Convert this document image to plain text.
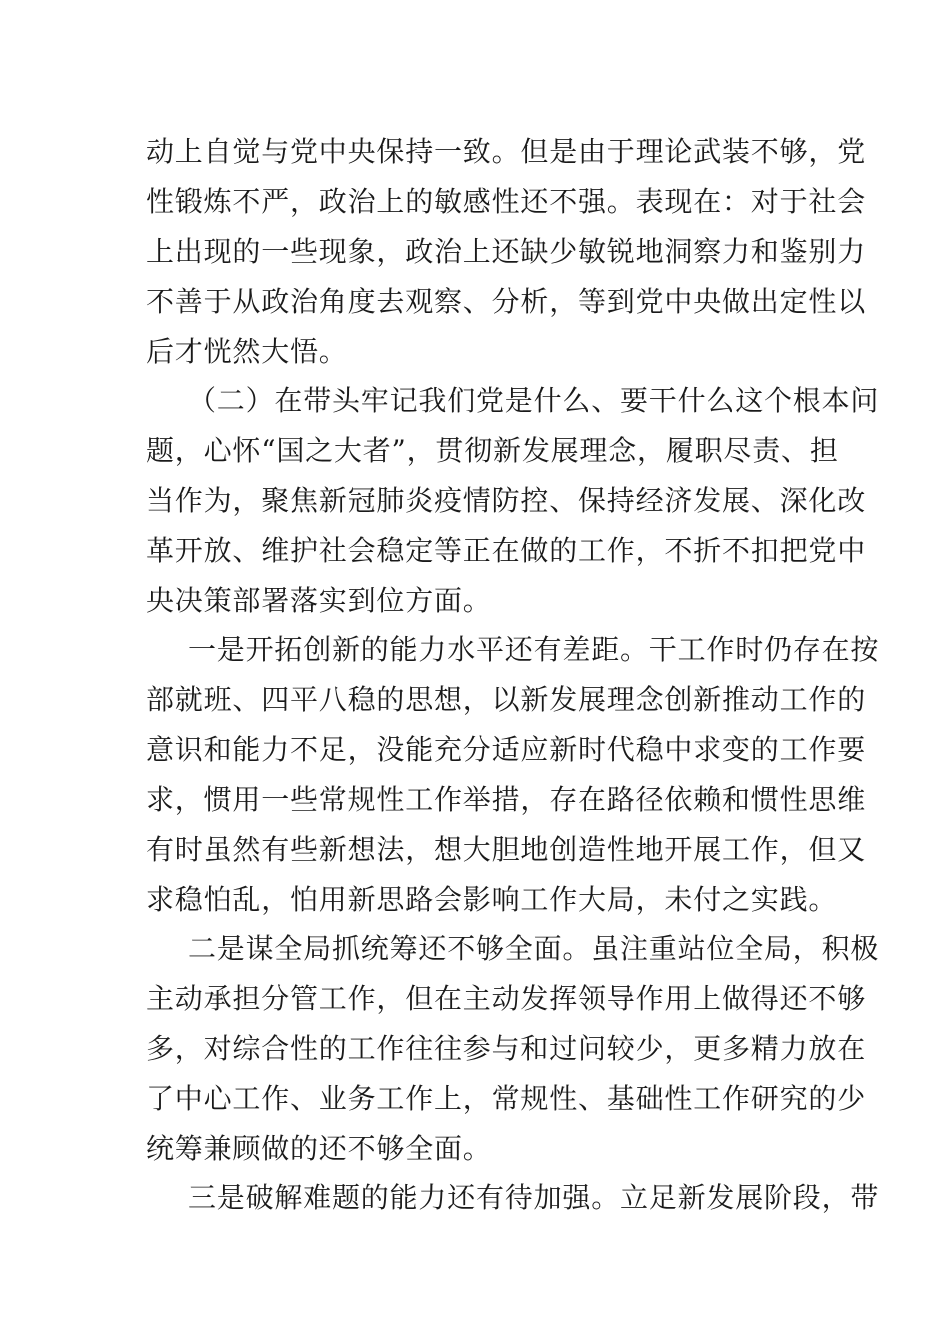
动上自觉与党中央保持一致。但是由于理论武装不够，党
性锻炼不严，政治上的敏感性还不强。表现在：对于社会
上出现的一些现象，政治上还缺少敏锐地洞察力和鉴别力
不善于从政治角度去观察、分析，等到党中央做出定性以
后才恍然大悟。
（二）在带头牢记我们党是什么、要干什么这个根本问
题，心怀“国之大者”，贯彻新发展理念，履职尽责、担
当作为，聚焦新冠肺炎疫情防控、保持经济发展、深化改
革开放、维护社会稳定等正在做的工作，不折不扣把党中
央决策部署落实到位方面。
一是开拓创新的能力水平还有差距。干工作时仍存在按
部就班、四平八稳的思想，以新发展理念创新推动工作的
意识和能力不足，没能充分适应新时代稳中求变的工作要
求，惯用一些常规性工作举措，存在路径依赖和惯性思维
有时虽然有些新想法，想大胆地创造性地开展工作，但又
求稳怕乱，怕用新思路会影响工作大局，未付之实践。
二是谋全局抓统筹还不够全面。虽注重站位全局，积极
主动承担分管工作，但在主动发挥领导作用上做得还不够
多，对综合性的工作往往参与和过问较少，更多精力放在
了中心工作、业务工作上，常规性、基础性工作研究的少
统筹兼顾做的还不够全面。
三是破解难题的能力还有待加强。立足新发展阶段，带
